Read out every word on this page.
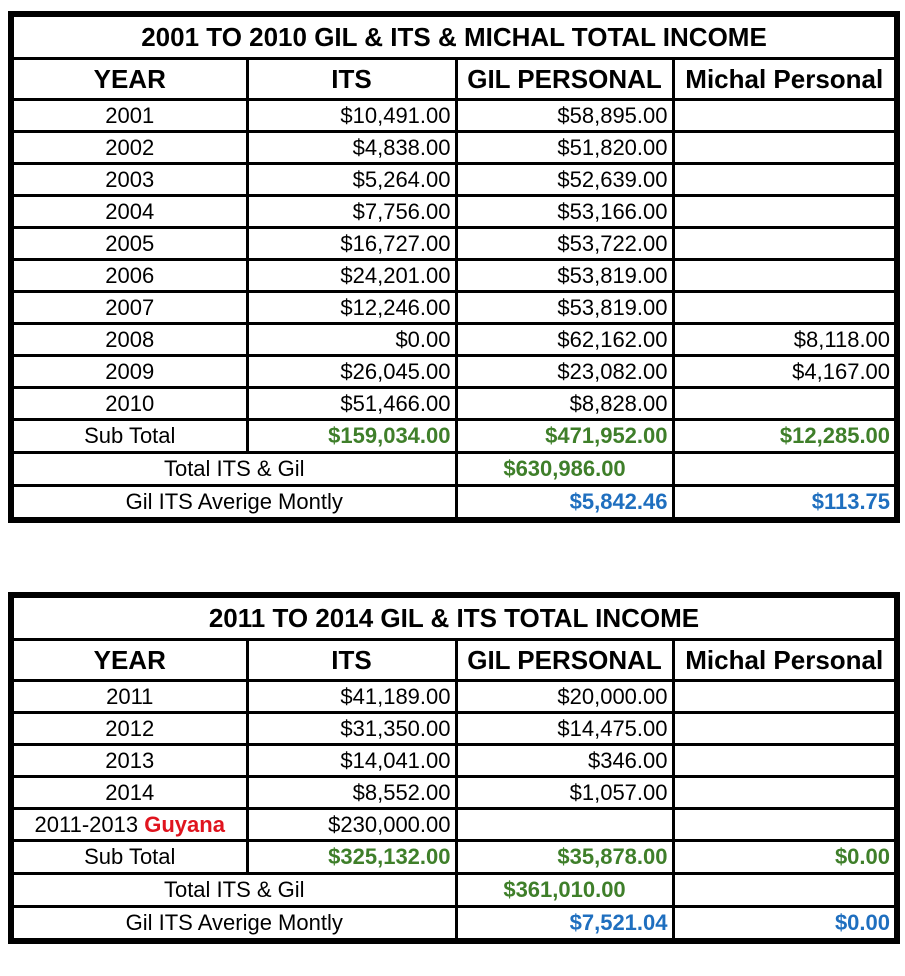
2001 TO 2010 GIL & ITS & MICHAL TOTAL INCOME			
YEAR	ITS	GIL PERSONAL	Michal Personal
2001	$10,491.00	$58,895.00	
2002	$4,838.00	$51,820.00	
2003	$5,264.00	$52,639.00	
2004	$7,756.00	$53,166.00	
2005	$16,727.00	$53,722.00	
2006	$24,201.00	$53,819.00	
2007	$12,246.00	$53,819.00	
2008	$0.00	$62,162.00	$8,118.00
2009	$26,045.00	$23,082.00	$4,167.00
2010	$51,466.00	$8,828.00	
Sub Total	$159,034.00	$471,952.00	$12,285.00
Total ITS & Gil		$630,986.00	
Gil ITS Averige Montly		$5,842.46	$113.75
2011 TO 2014 GIL & ITS TOTAL INCOME			
YEAR	ITS	GIL PERSONAL	Michal Personal
2011	$41,189.00	$20,000.00	
2012	$31,350.00	$14,475.00	
2013	$14,041.00	$346.00	
2014	$8,552.00	$1,057.00	
2011-2013 Guyana	$230,000.00		
Sub Total	$325,132.00	$35,878.00	$0.00
Total ITS & Gil		$361,010.00	
Gil ITS Averige Montly		$7,521.04	$0.00
